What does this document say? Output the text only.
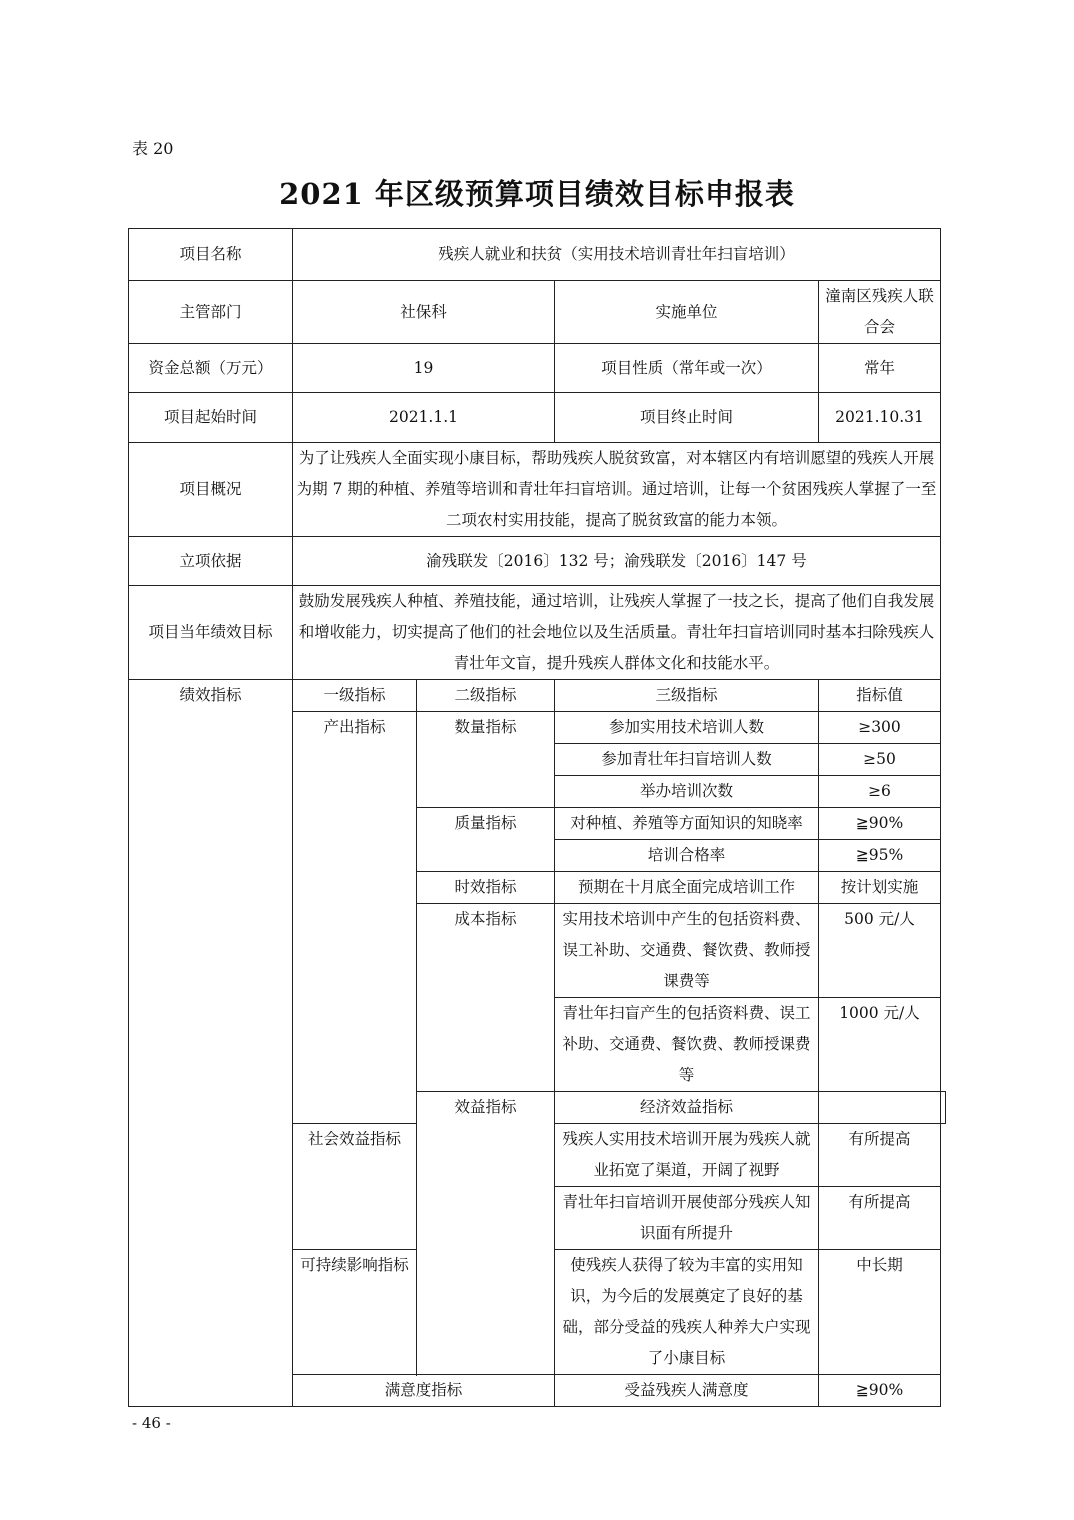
表 20
2021 年区级预算项目绩效目标申报表
项目名称	残疾人就业和扶贫（实用技术培训青壮年扫盲培训）				
主管部门	社保科		实施单位	潼南区残疾人联合会	
资金总额（万元）	19		项目性质（常年或一次）	常年	
项目起始时间	2021.1.1		项目终止时间	2021.10.31	
项目概况	为了让残疾人全面实现小康目标，帮助残疾人脱贫致富，对本辖区内有培训愿望的残疾人开展为期 7 期的种植、养殖等培训和青壮年扫盲培训。通过培训，让每一个贫困残疾人掌握了一至二项农村实用技能，提高了脱贫致富的能力本领。				
立项依据	渝残联发〔2016〕132 号；渝残联发〔2016〕147 号				
项目当年绩效目标	鼓励发展残疾人种植、养殖技能，通过培训，让残疾人掌握了一技之长，提高了他们自我发展和增收能力，切实提高了他们的社会地位以及生活质量。青壮年扫盲培训同时基本扫除残疾人青壮年文盲，提升残疾人群体文化和技能水平。				
绩效指标	一级指标	二级指标	三级指标	指标值	
	产出指标	数量指标	参加实用技术培训人数	≥300	
			参加青壮年扫盲培训人数	≥50	
			举办培训次数	≥6	
		质量指标	对种植、养殖等方面知识的知晓率	≧90%	
			培训合格率	≧95%	
		时效指标	预期在十月底全面完成培训工作	按计划实施	
		成本指标	实用技术培训中产生的包括资料费、误工补助、交通费、餐饮费、教师授课费等	500 元/人	
			青壮年扫盲产生的包括资料费、误工补助、交通费、餐饮费、教师授课费等	1000 元/人	
		效益指标	经济效益指标		
	社会效益指标		残疾人实用技术培训开展为残疾人就业拓宽了渠道，开阔了视野	有所提高	
			青壮年扫盲培训开展使部分残疾人知识面有所提升	有所提高	
	可持续影响指标		使残疾人获得了较为丰富的实用知识，为今后的发展奠定了良好的基础，部分受益的残疾人种养大户实现了小康目标	中长期	

	满意度指标		受益残疾人满意度	≧90%	
- 46 -
